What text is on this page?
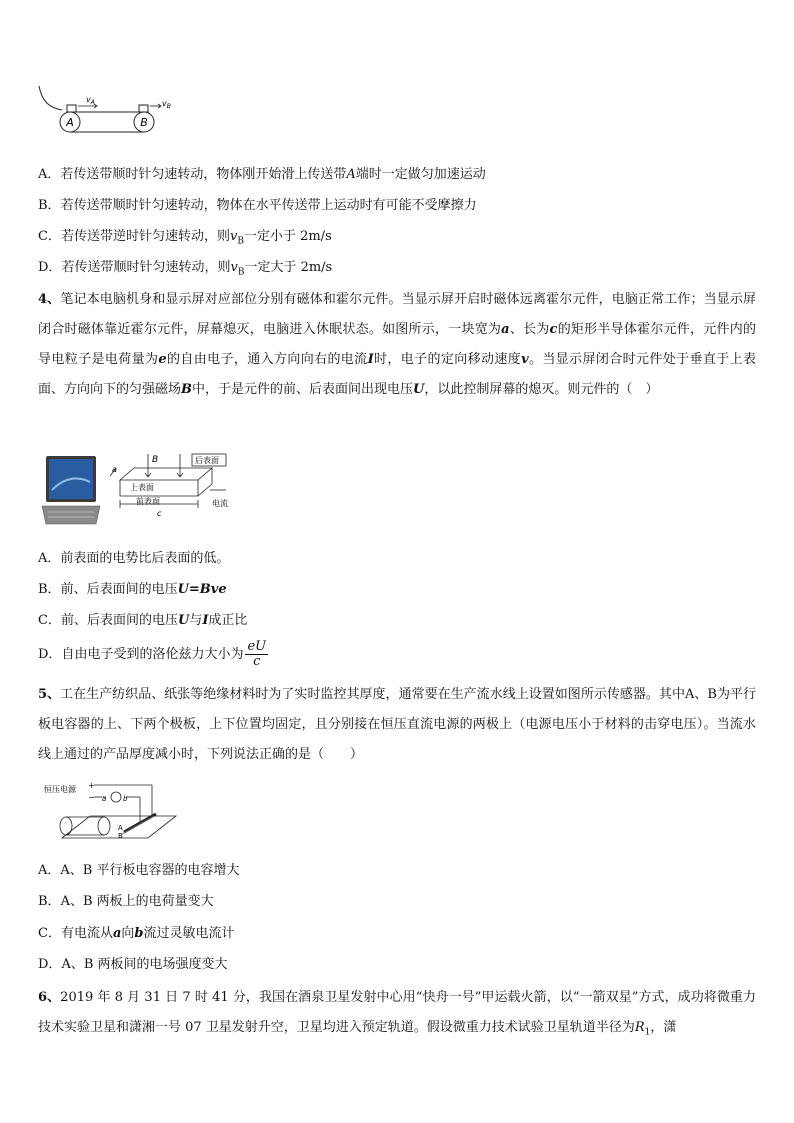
A	B
$v_A$	$v_B$
A．若传送带顺时针匀速转动，物体刚开始滑上传送带A端时一定做匀加速运动
B．若传送带顺时针匀速转动，物体在水平传送带上运动时有可能不受摩擦力
C．若传送带逆时针匀速转动，则$v_B$一定小于 2m/s
D．若传送带顺时针匀速转动，则$v_B$一定大于 2m/s
4、笔记本电脑机身和显示屏对应部位分别有磁体和霍尔元件。当显示屏开启时磁体远离霍尔元件，电脑正常工作；当显示屏闭合时磁体靠近霍尔元件，屏幕熄灭，电脑进入休眠状态。如图所示，一块宽为a、长为c的矩形半导体霍尔元件，元件内的导电粒子是电荷量为e的自由电子，通入方向向右的电流I时，电子的定向移动速度v。当显示屏闭合时元件处于垂直于上表面、方向向下的匀强磁场B中，于是元件的前、后表面间出现电压U，以此控制屏幕的熄灭。则元件的（　）
B	后表面
上表面
前表面	电流
a
c
A．前表面的电势比后表面的低。
B．前、后表面间的电压U=Bve
C．前、后表面间的电压U与I成正比
D．自由电子受到的洛伦兹力大小为 $\frac{eU}{c}$
5、工在生产纺织品、纸张等绝缘材料时为了实时监控其厚度，通常要在生产流水线上设置如图所示传感器。其中A、B为平行板电容器的上、下两个极板，上下位置均固定，且分别接在恒压直流电源的两极上（电源电压小于材料的击穿电压）。当流水线上通过的产品厚度减小时，下列说法正确的是（　　）
恒压电源 +
− a b
A
B
A．A、B 平行板电容器的电容增大
B．A、B 两板上的电荷量变大
C．有电流从a向b流过灵敏电流计
D．A、B 两板间的电场强度变大
6、2019 年 8 月 31 日 7 时 41 分，我国在酒泉卫星发射中心用“快舟一号”甲运载火箭，以“一箭双星”方式，成功将微重力技术实验卫星和潇湘一号 07 卫星发射升空，卫星均进入预定轨道。假设微重力技术试验卫星轨道半径为$R_1$，潇
